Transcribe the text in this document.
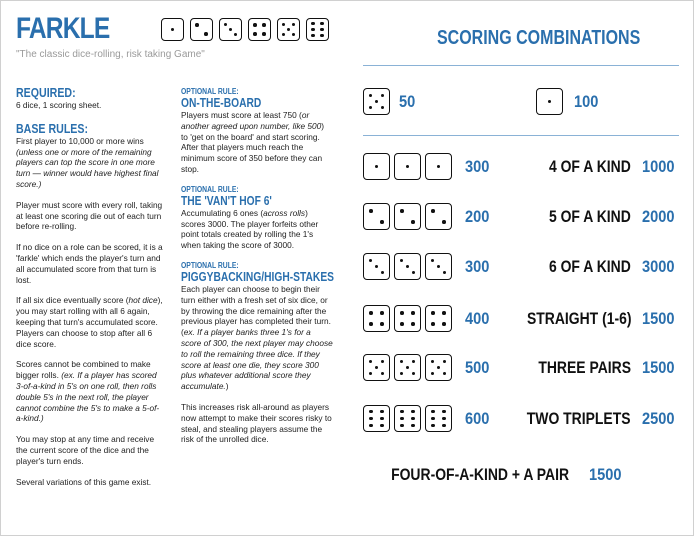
FARKLE
"The classic dice-rolling, risk taking Game"
REQUIRED:

6 dice, 1 scoring sheet.

BASE RULES:

First player to 10,000 or more wins (unless one or more of the remaining players can top the score in one more turn — winner would have highest final score.)

Player must score with every roll, taking at least one scoring die out of each turn before re-rolling.

If no dice on a role can be scored, it is a 'farkle' which ends the player's turn and all accumulated score from that turn is lost.

If all six dice eventually score (hot dice), you may start rolling with all 6 again, keeping that turn's accumulated score. Players can choose to stop after all 6 dice score.

Scores cannot be combined to make bigger rolls. (ex. If a player has scored 3-of-a-kind in 5's on one roll, then rolls double 5's in the next roll, the player cannot combine the 5's to make a 5-of-a-kind.)

You may stop at any time and receive the current score of the dice and the player's turn ends.

Several variations of this game exist.

OPTIONAL RULE:
ON-THE-BOARD

Players must score at least 750 (or another agreed upon number, like 500) to 'get on the board' and start scoring. After that players much reach the minimum score of 350 before they can stop.

OPTIONAL RULE:
THE 'VAN'T HOF 6'

Accumulating 6 ones (across rolls) scores 3000. The player forfeits other point totals created by rolling the 1's when taking the score of 3000.

OPTIONAL RULE:
PIGGYBACKING/HIGH-STAKES

Each player can choose to begin their turn either with a fresh set of six dice, or by throwing the dice remaining after the previous player has completed their turn. (ex. If a player banks three 1's for a score of 300, the next player may choose to roll the remaining three dice. If they score at least one die, they score 300 plus whatever additional score they accumulate.)

This increases risk all-around as players now attempt to make their scores risky to steal, and stealing players assume the risk of the unrolled dice.

SCORING COMBINATIONS
50	100
300
200
300
400
500
600
4 OF A KIND 1000
5 OF A KIND 2000
6 OF A KIND 3000
STRAIGHT (1-6) 1500
THREE PAIRS 1500
TWO TRIPLETS 2500
FOUR-OF-A-KIND + A PAIR 1500
